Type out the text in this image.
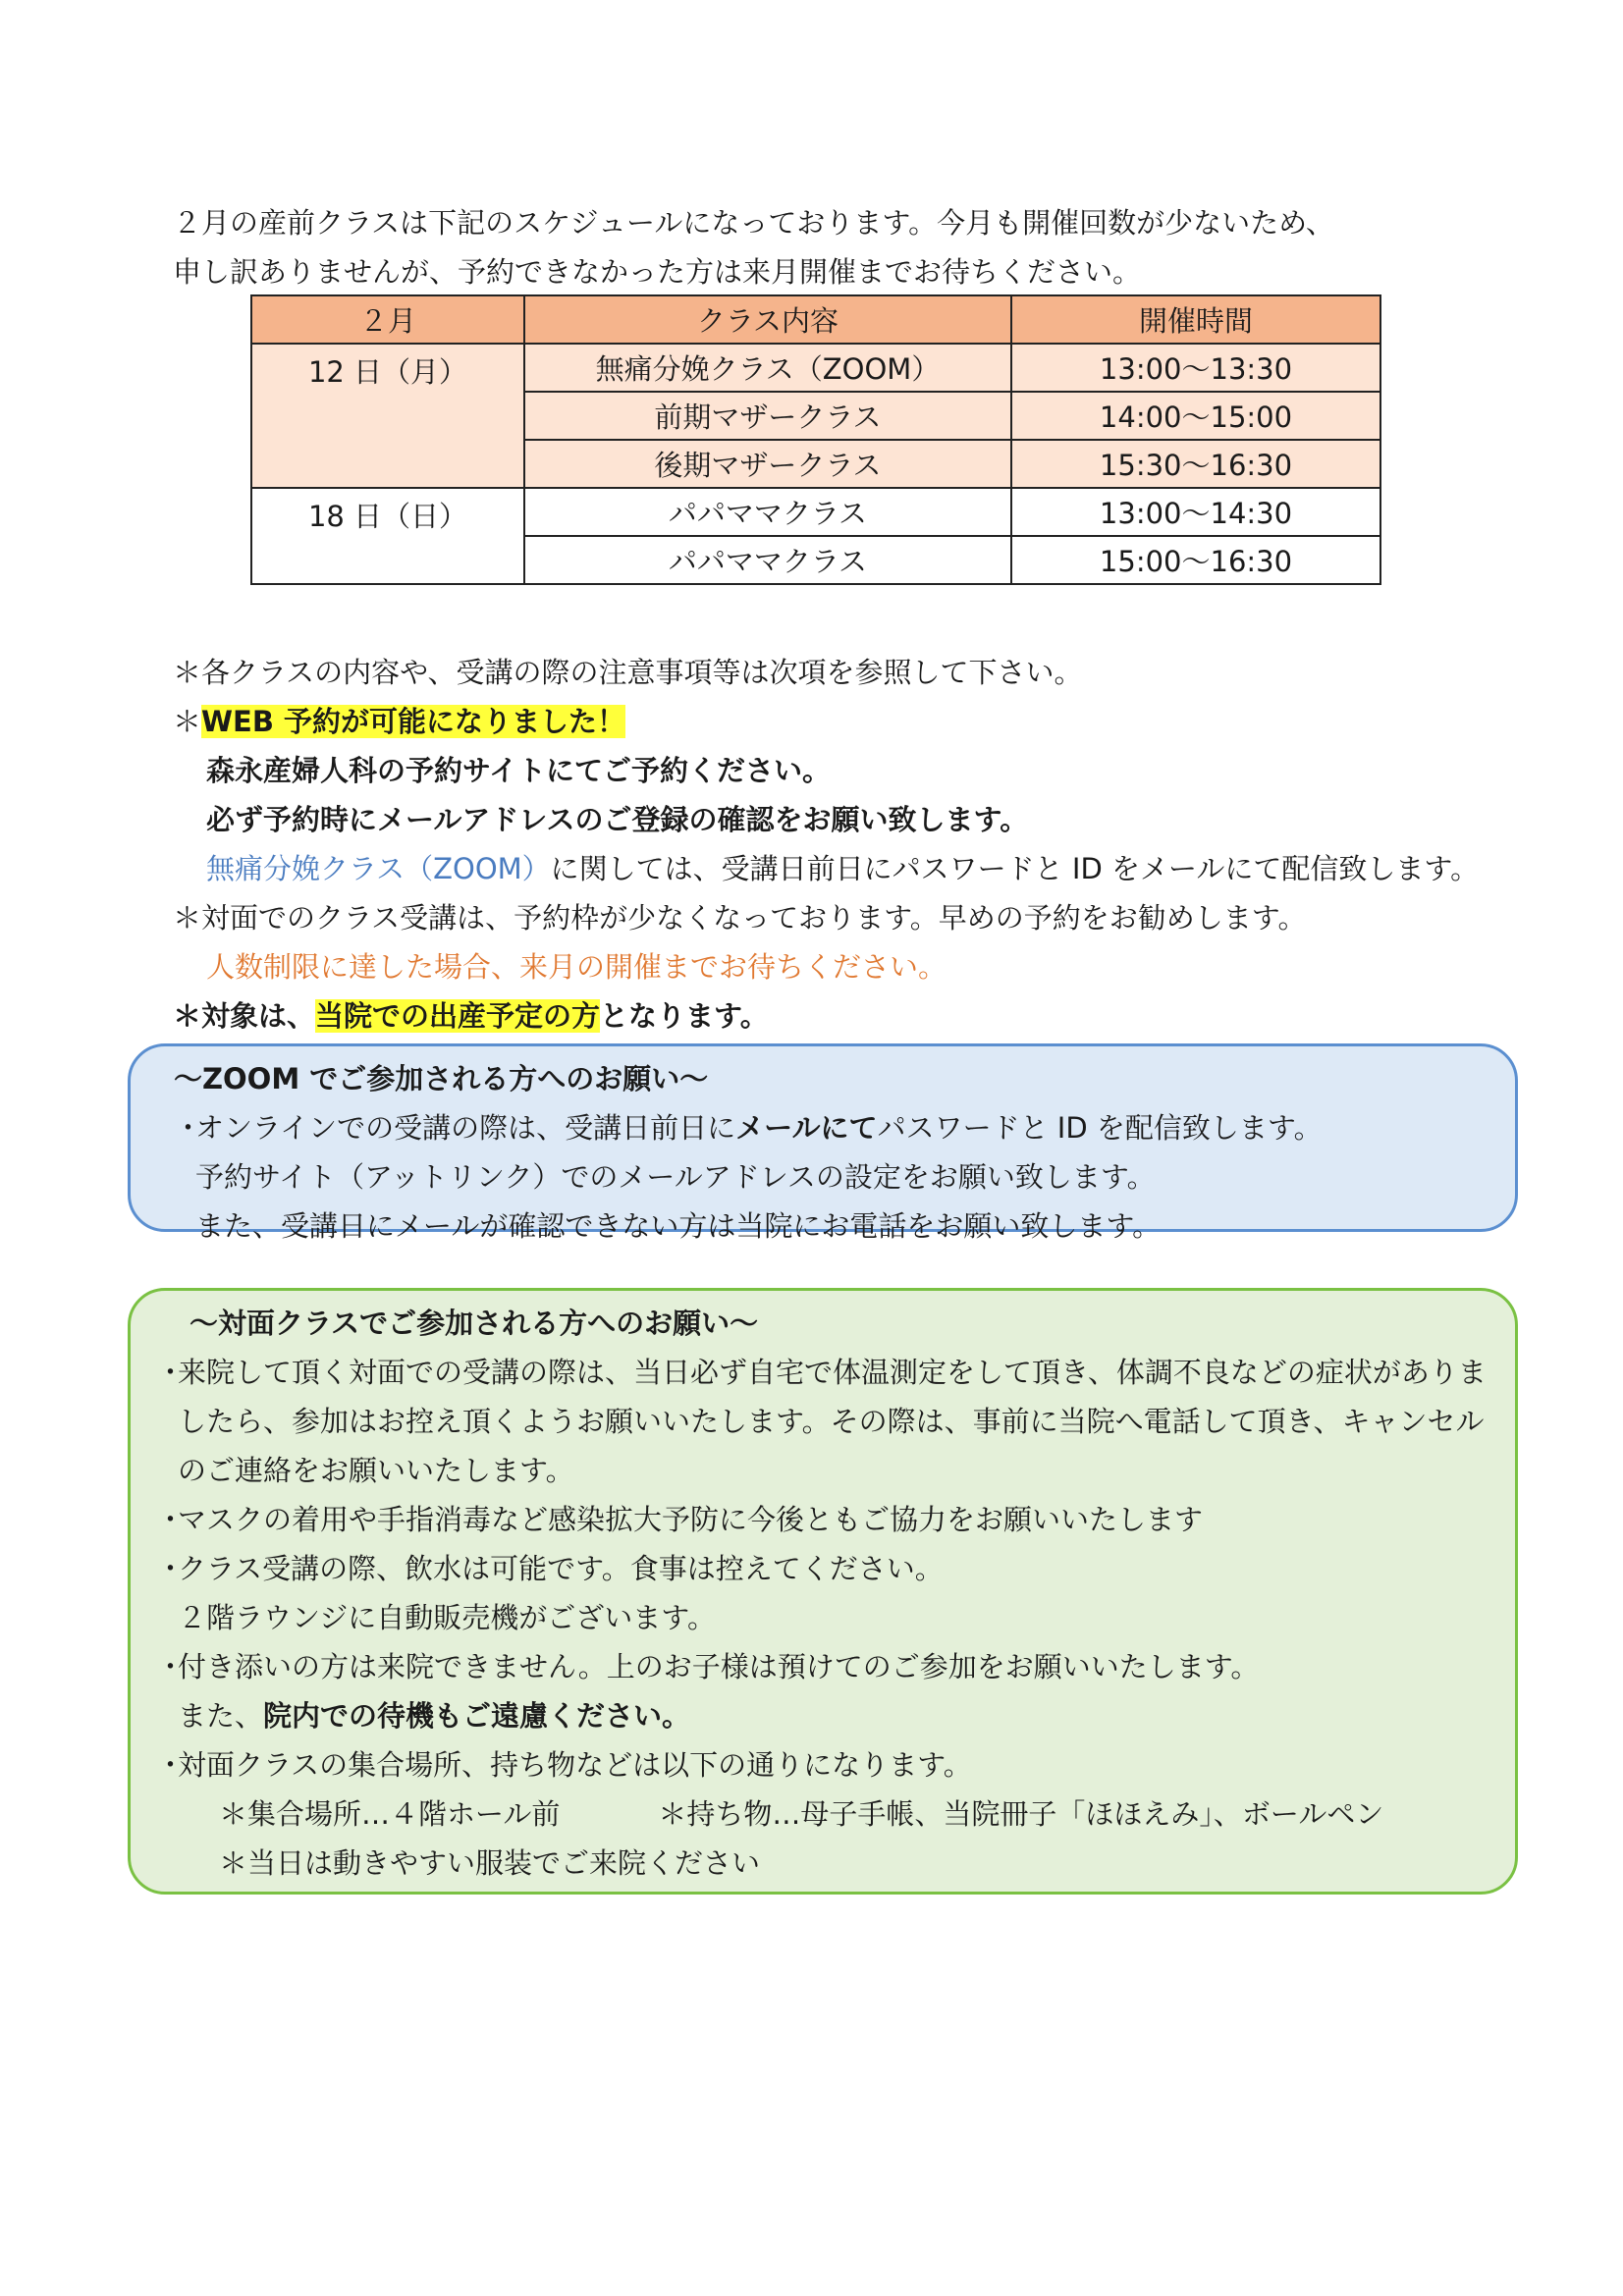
２月の産前クラスは下記のスケジュールになっております。今月も開催回数が少ないため、
申し訳ありませんが、予約できなかった方は来月開催までお待ちください。
２月	クラス内容	開催時間
12 日（月）	無痛分娩クラス（ZOOM）	13:00〜13:30
	前期マザークラス	14:00〜15:00
	後期マザークラス	15:30〜16:30
18 日（日）	パパママクラス	13:00〜14:30
	パパママクラス	15:00〜16:30
＊各クラスの内容や、受講の際の注意事項等は次項を参照して下さい。
＊WEB 予約が可能になりました！
森永産婦人科の予約サイトにてご予約ください。
必ず予約時にメールアドレスのご登録の確認をお願い致します。
無痛分娩クラス（ZOOM）に関しては、受講日前日にパスワードと ID をメールにて配信致します。
＊対面でのクラス受講は、予約枠が少なくなっております。早めの予約をお勧めします。
人数制限に達した場合、来月の開催までお待ちください。
＊対象は、当院での出産予定の方となります。
〜ZOOM でご参加される方へのお願い〜
・オンラインでの受講の際は、受講日前日にメールにてパスワードと ID を配信致します。
予約サイト（アットリンク）でのメールアドレスの設定をお願い致します。
また、受講日にメールが確認できない方は当院にお電話をお願い致します。
〜対面クラスでご参加される方へのお願い〜
・来院して頂く対面での受講の際は、当日必ず自宅で体温測定をして頂き、体調不良などの症状がありま
したら、参加はお控え頂くようお願いいたします。その際は、事前に当院へ電話して頂き、キャンセル
のご連絡をお願いいたします。
・マスクの着用や手指消毒など感染拡大予防に今後ともご協力をお願いいたします
・クラス受講の際、飲水は可能です。食事は控えてください。
２階ラウンジに自動販売機がございます。
・付き添いの方は来院できません。上のお子様は預けてのご参加をお願いいたします。
また、院内での待機もご遠慮ください。
・対面クラスの集合場所、持ち物などは以下の通りになります。
＊集合場所…４階ホール前	＊持ち物…母子手帳、当院冊子「ほほえみ」、ボールペン
＊当日は動きやすい服装でご来院ください
